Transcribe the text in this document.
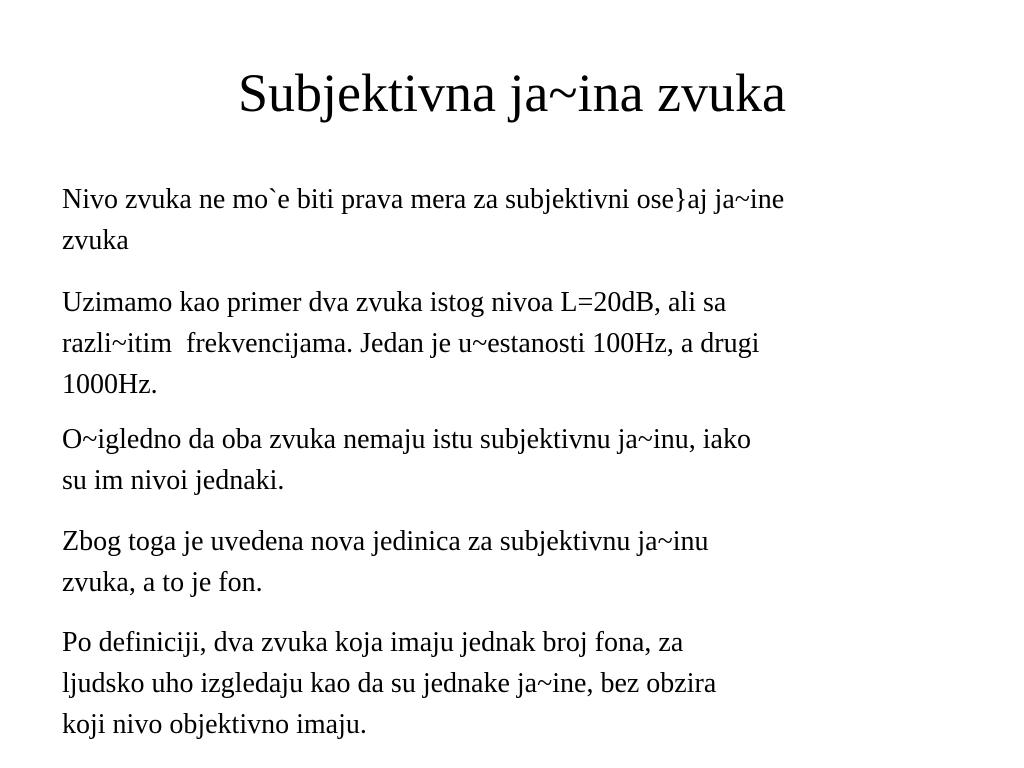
Subjektivna ja~ina zvuka
Nivo zvuka ne mo`e biti prava mera za subjektivni ose}aj ja~ine
zvuka
Uzimamo kao primer dva zvuka istog nivoa L=20dB, ali sa
razli~itim  frekvencijama. Jedan je u~estanosti 100Hz, a drugi
1000Hz.
O~igledno da oba zvuka nemaju istu subjektivnu ja~inu, iako
su im nivoi jednaki.
Zbog toga je uvedena nova jedinica za subjektivnu ja~inu
zvuka, a to je fon.
Po definiciji, dva zvuka koja imaju jednak broj fona, za
ljudsko uho izgledaju kao da su jednake ja~ine, bez obzira
koji nivo objektivno imaju.
